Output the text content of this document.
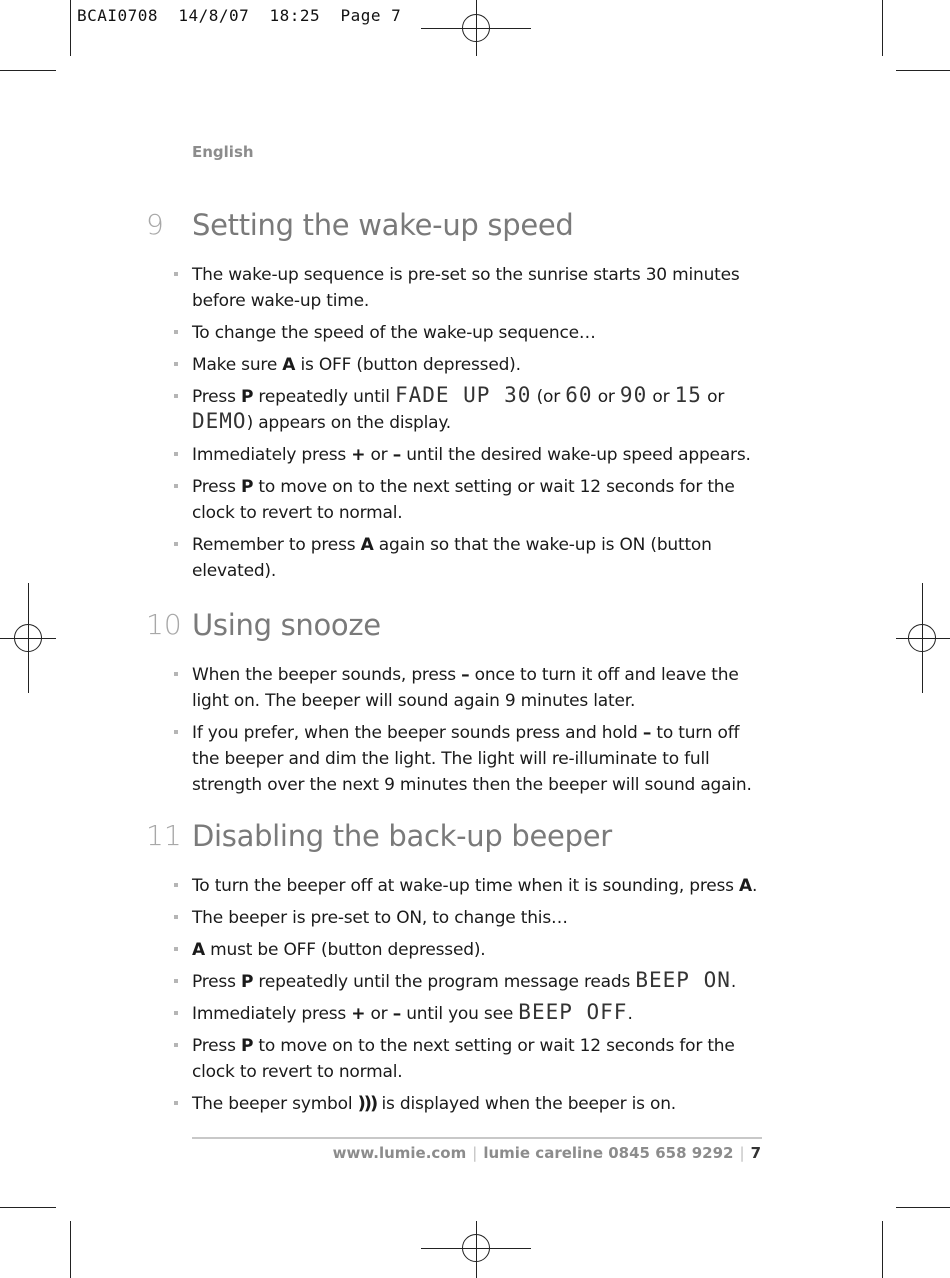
BCAI0708  14/8/07  18:25  Page 7
English
9 Setting the wake-up speed
The wake-up sequence is pre-set so the sunrise starts 30 minutes before wake-up time.
To change the speed of the wake-up sequence…
Make sure A is OFF (button depressed).
Press P repeatedly until FADE UP 30 (or 60 or 90 or 15 or DEMO) appears on the display.
Immediately press + or – until the desired wake-up speed appears.
Press P to move on to the next setting or wait 12 seconds for the clock to revert to normal.
Remember to press A again so that the wake-up is ON (button elevated).
10 Using snooze
When the beeper sounds, press – once to turn it off and leave the light on. The beeper will sound again 9 minutes later.
If you prefer, when the beeper sounds press and hold – to turn off the beeper and dim the light. The light will re-illuminate to full strength over the next 9 minutes then the beeper will sound again.
11 Disabling the back-up beeper
To turn the beeper off at wake-up time when it is sounding, press A.
The beeper is pre-set to ON, to change this…
A must be OFF (button depressed).
Press P repeatedly until the program message reads BEEP ON.
Immediately press + or – until you see BEEP OFF.
Press P to move on to the next setting or wait 12 seconds for the clock to revert to normal.
The beeper symbol ))) is displayed when the beeper is on.
www.lumie.com | lumie careline 0845 658 9292 | 7
